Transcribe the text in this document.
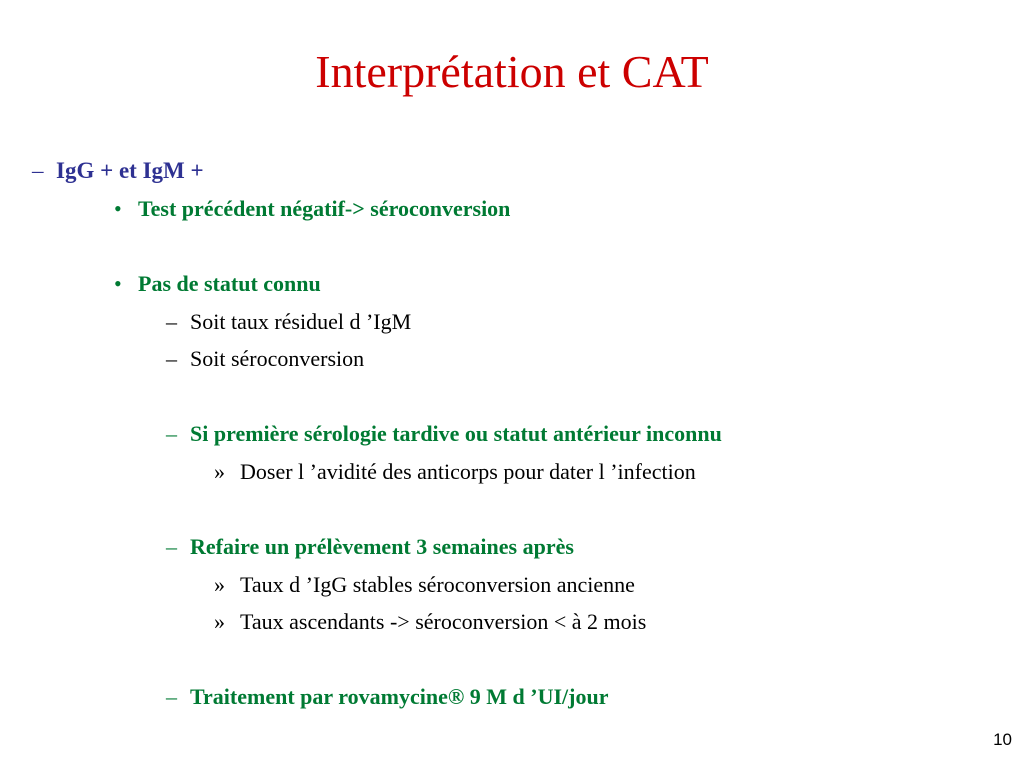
Interprétation et CAT
– IgG + et IgM +
• Test précédent négatif-> séroconversion
• Pas de statut connu
– Soit taux résiduel d ’IgM
– Soit séroconversion
– Si première sérologie tardive ou statut antérieur inconnu
» Doser l ’avidité des anticorps pour dater l ’infection
– Refaire un prélèvement 3 semaines après
» Taux d ’IgG stables séroconversion ancienne
» Taux ascendants -> séroconversion < à 2 mois
– Traitement par rovamycine® 9 M d ’UI/jour
10
